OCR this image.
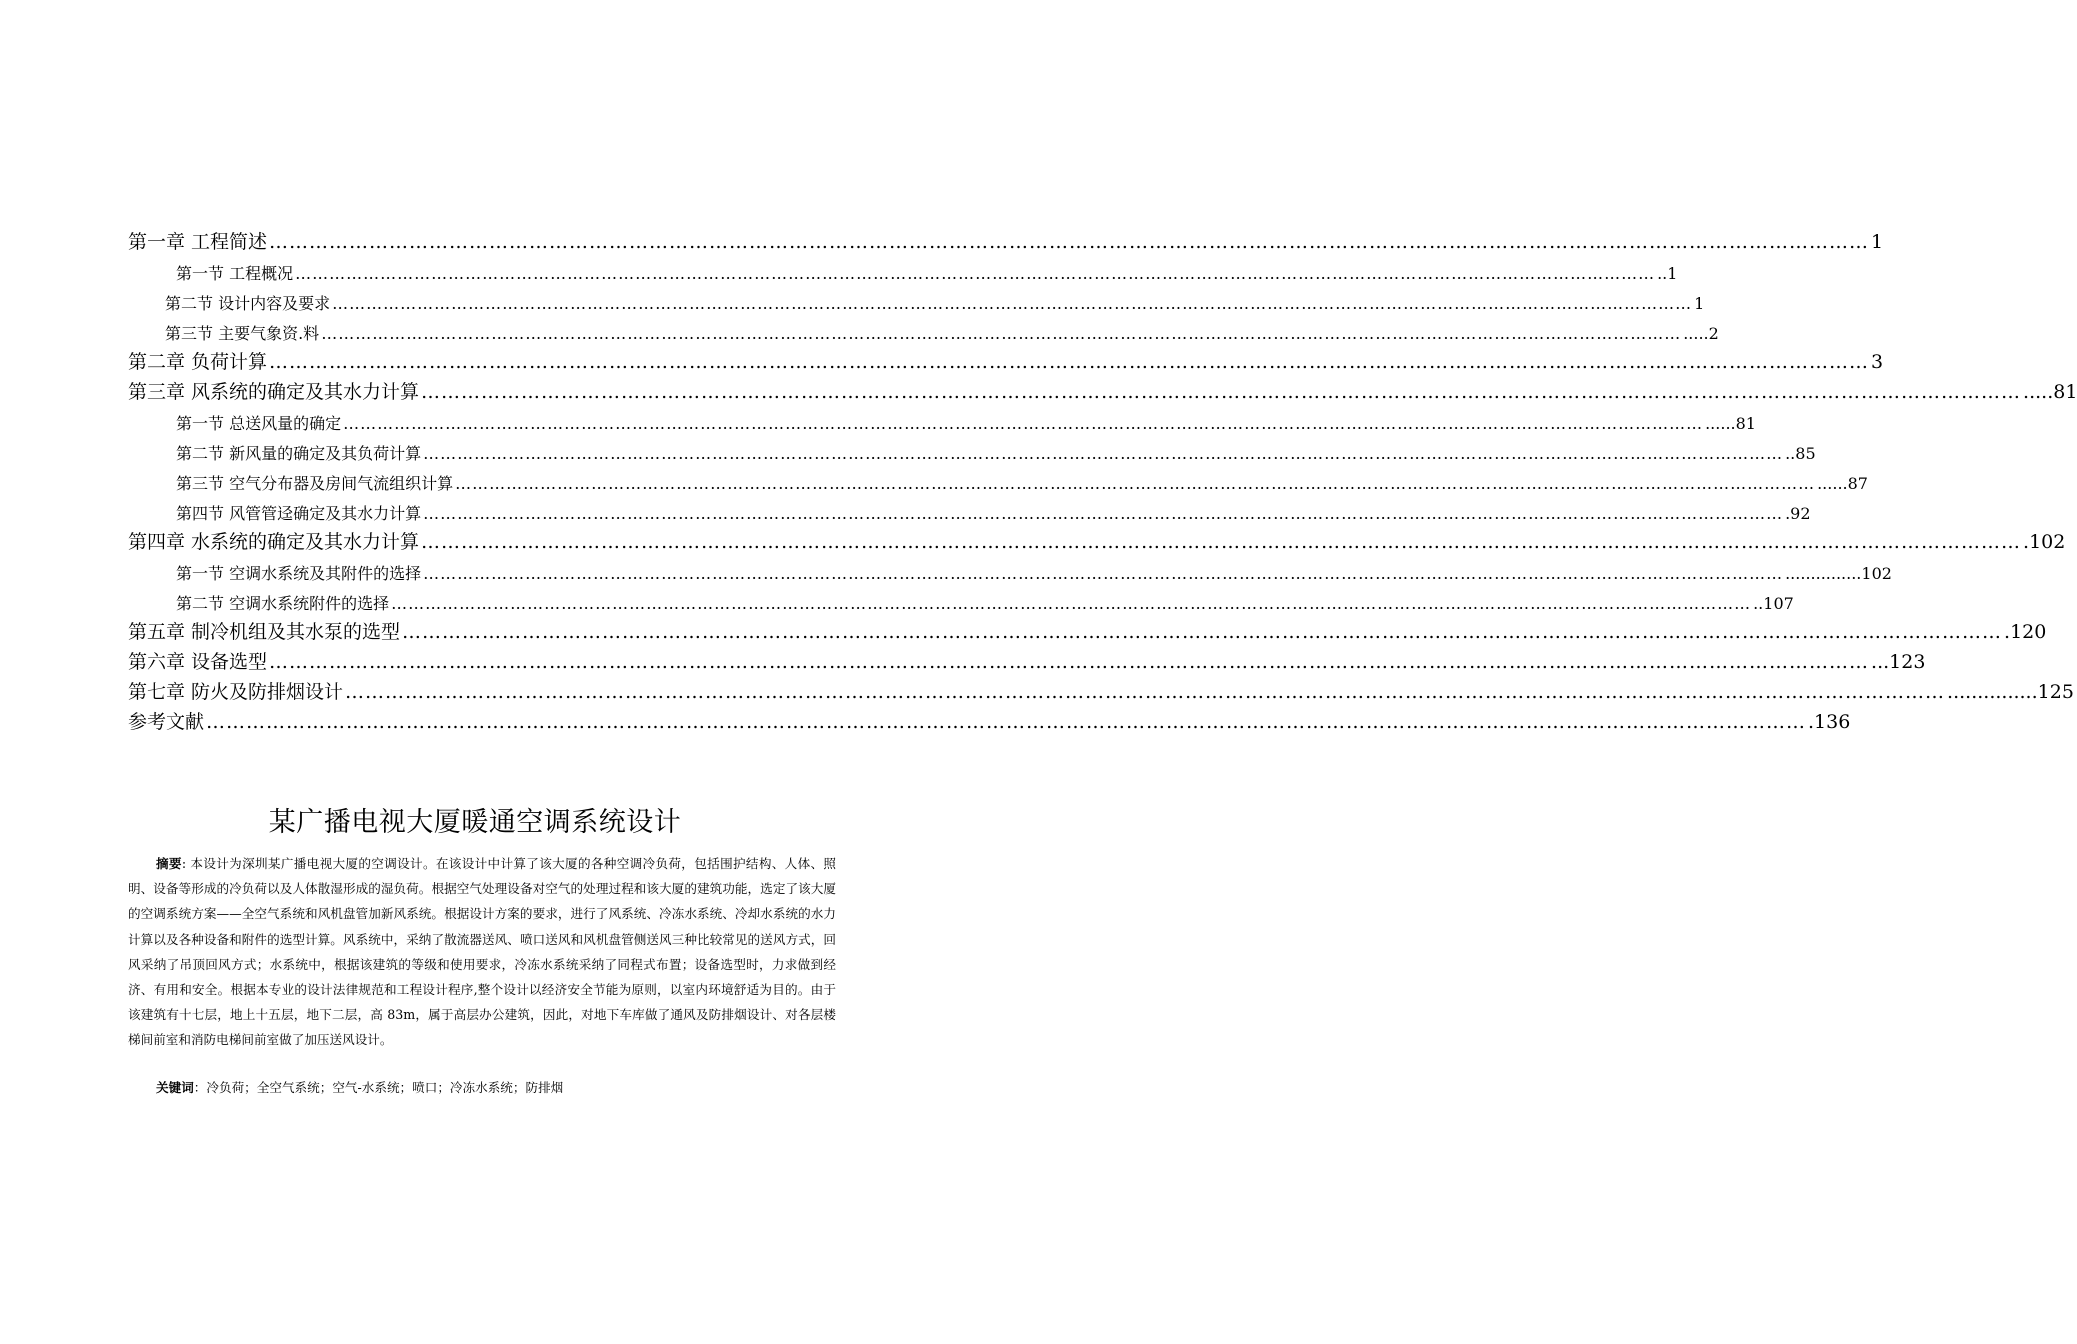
第一章 工程简述 …………………………………………………………………………………………………………………………………………………………………………………………………………………… 1
第一节 工程概况 …………………………………………………………………………………………………………………………………………………………………………………………………………………… ..1
第二节 设计内容及要求 …………………………………………………………………………………………………………………………………………………………………………………………………………………… 1
第三节 主要气象资.料 …………………………………………………………………………………………………………………………………………………………………………………………………………………… .....2
第二章 负荷计算 …………………………………………………………………………………………………………………………………………………………………………………………………………………… 3
第三章 风系统的确定及其水力计算 …………………………………………………………………………………………………………………………………………………………………………………………………………………… .....81
第一节 总送风量的确定 …………………………………………………………………………………………………………………………………………………………………………………………………………………… ......81
第二节 新风量的确定及其负荷计算 …………………………………………………………………………………………………………………………………………………………………………………………………………………… ..85
第三节 空气分布器及房间气流组织计算 …………………………………………………………………………………………………………………………………………………………………………………………………………………… ......87
第四节 风管管迳确定及其水力计算 …………………………………………………………………………………………………………………………………………………………………………………………………………………… .92
第四章 水系统的确定及其水力计算 …………………………………………………………………………………………………………………………………………………………………………………………………………………… .102
第一节 空调水系统及其附件的选择 …………………………………………………………………………………………………………………………………………………………………………………………………………………… ...............102
第二节 空调水系统附件的选择 …………………………………………………………………………………………………………………………………………………………………………………………………………………… ..107
第五章 制冷机组及其水泵的选型 …………………………………………………………………………………………………………………………………………………………………………………………………………………… .120
第六章 设备选型 …………………………………………………………………………………………………………………………………………………………………………………………………………………… ...123
第七章 防火及防排烟设计 …………………………………………………………………………………………………………………………………………………………………………………………………………………… ...............125
参考文献 …………………………………………………………………………………………………………………………………………………………………………………………………………………… .136
某广播电视大厦暖通空调系统设计

摘要: 本设计为深圳某广播电视大厦的空调设计。在该设计中计算了该大厦的各种空调冷负荷，包括围护结构、人体、照明、设备等形成的冷负荷以及人体散湿形成的湿负荷。根据空气处理设备对空气的处理过程和该大厦的建筑功能，选定了该大厦的空调系统方案——全空气系统和风机盘管加新风系统。根据设计方案的要求，进行了风系统、冷冻水系统、冷却水系统的水力计算以及各种设备和附件的选型计算。风系统中，采纳了散流器送风、喷口送风和风机盘管侧送风三种比较常见的送风方式，回风采纳了吊顶回风方式；水系统中，根据该建筑的等级和使用要求，冷冻水系统采纳了同程式布置；设备选型时，力求做到经济、有用和安全。根据本专业的设计法律规范和工程设计程序,整个设计以经济安全节能为原则，以室内环境舒适为目的。由于该建筑有十七层，地上十五层，地下二层，高 83m，属于高层办公建筑，因此，对地下车库做了通风及防排烟设计、对各层楼梯间前室和消防电梯间前室做了加压送风设计。

关键词：冷负荷；全空气系统；空气-水系统；喷口；冷冻水系统；防排烟
